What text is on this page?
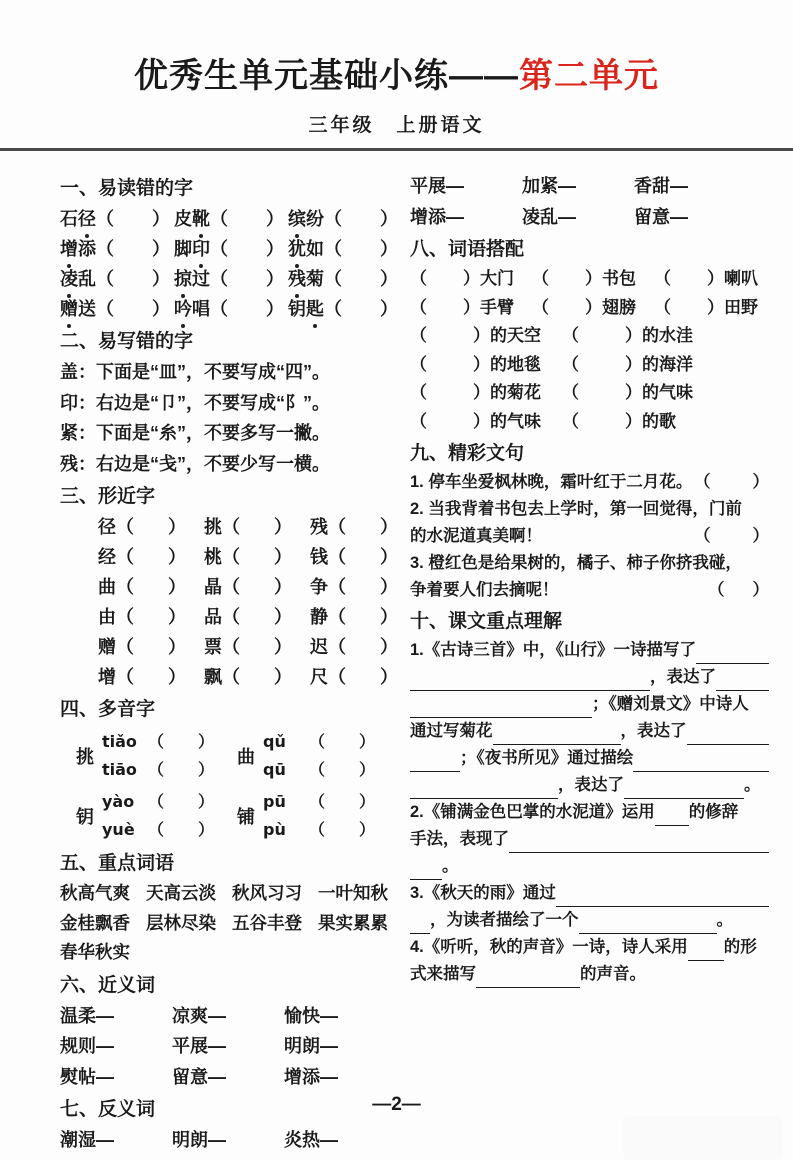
优秀生单元基础小练——第二单元
三年级　上册语文
一、易读错的字
石径 （ ） 皮靴 （ ） 缤纷 （ ）
增添 （ ） 脚印 （ ） 犹如 （ ）
凌乱 （ ） 掠过 （ ） 残菊 （ ）
赠送 （ ） 吟唱 （ ） 钥匙 （ ）
二、易写错的字
盖：下面是“皿”，不要写成“四”。
印：右边是“卩”，不要写成“阝”。
紧：下面是“糸”，不要多写一撇。
残：右边是“戋”，不要少写一横。
三、形近字
径 （ ） 挑 （ ） 残 （ ）
经 （ ） 桃 （ ） 钱 （ ）
曲 （ ） 晶 （ ） 争 （ ）
由 （ ） 品 （ ） 静 （ ）
赠 （ ） 票 （ ） 迟 （ ）
增 （ ） 飘 （ ） 尺 （ ）
四、多音字
挑
tiǎo （ ）
tiāo （ ）
曲
qǔ	（ ）
qū	（ ）
钥
yào （ ）
yuè （ ）
铺
pū	（ ）
pù	（ ）
五、重点词语
秋高气爽 天高云淡 秋风习习 一叶知秋
金桂飘香 层林尽染 五谷丰登 果实累累
春华秋实
六、近义词
温柔—	凉爽—	愉快—
规则—	平展—	明朗—
熨帖—	留意—	增添—
七、反义词
潮湿—	明朗—	炎热—
平展—	加紧—	香甜—
增添—	凌乱—	留意—
八、词语搭配
（ ） 大门 （ ） 书包 （ ） 喇叭
（ ） 手臂 （ ） 翅膀 （ ） 田野
（	） 的天空 （	） 的水洼
（	） 的地毯 （	） 的海洋
（	） 的菊花 （	） 的气味
（	） 的气味 （	） 的歌
九、精彩文句
1. 停车坐爱枫林晚，霜叶红于二月花。 （	）
2. 当我背着书包去上学时，第一回觉得，门前
的水泥道真美啊！	（	）
3. 橙红色是给果树的，橘子、柿子你挤我碰，
争着要人们去摘呢！	（ ）
十、课文重点理解
1.《古诗三首》中，《山行》一诗描写了
，表达了
；《赠刘景文》中诗人
通过写菊花	，表达了
；《夜书所见》通过描绘
，表达了	。
2.《铺满金色巴掌的水泥道》运用 的修辞
手法，表现了
。
3.《秋天的雨》通过
，为读者描绘了一个	。
4.《听听，秋的声音》一诗，诗人采用 的形
式来描写	的声音。
—2—
